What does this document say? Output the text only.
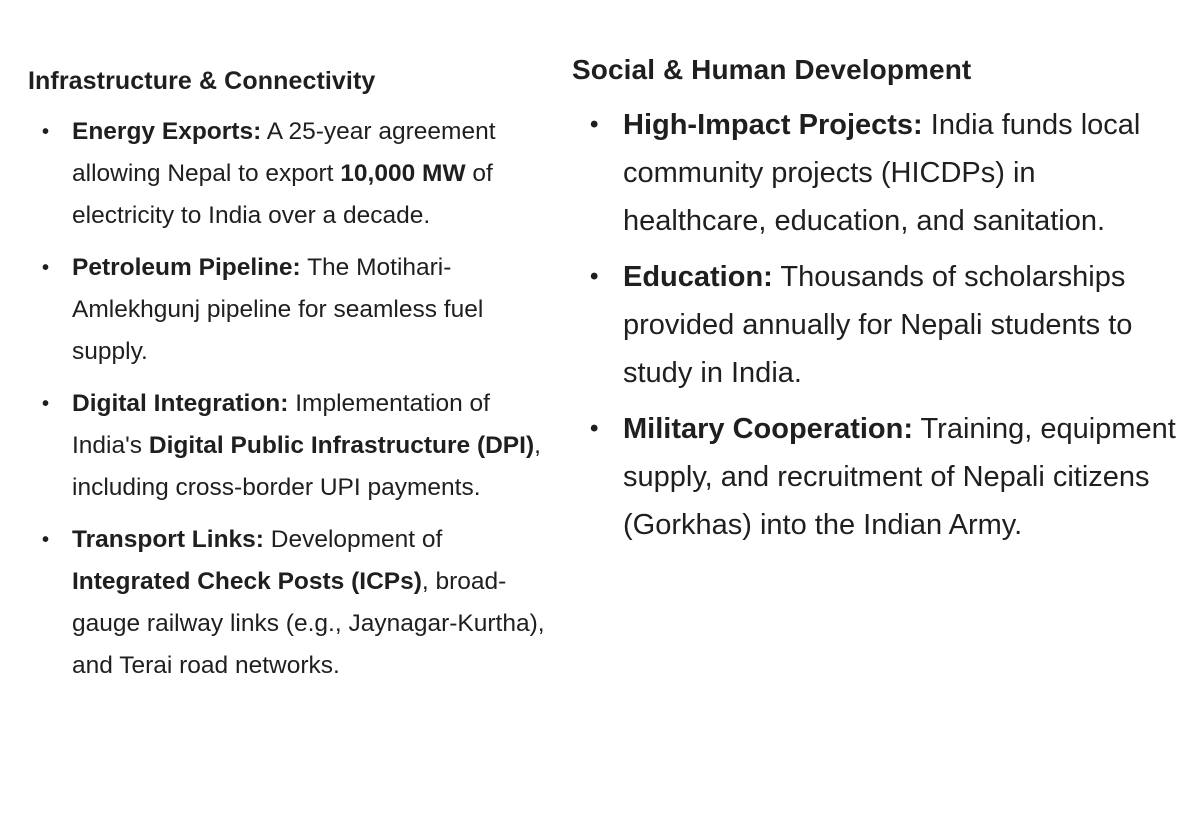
Infrastructure & Connectivity
• Energy Exports: A 25-year agreement allowing Nepal to export 10,000 MW of electricity to India over a decade.
• Petroleum Pipeline: The Motihari-Amlekhgunj pipeline for seamless fuel supply.
• Digital Integration: Implementation of India's Digital Public Infrastructure (DPI), including cross-border UPI payments.
• Transport Links: Development of Integrated Check Posts (ICPs), broad-gauge railway links (e.g., Jaynagar-Kurtha), and Terai road networks.
Social & Human Development
• High-Impact Projects: India funds local community projects (HICDPs) in healthcare, education, and sanitation.
• Education: Thousands of scholarships provided annually for Nepali students to study in India.
• Military Cooperation: Training, equipment supply, and recruitment of Nepali citizens (Gorkhas) into the Indian Army.
